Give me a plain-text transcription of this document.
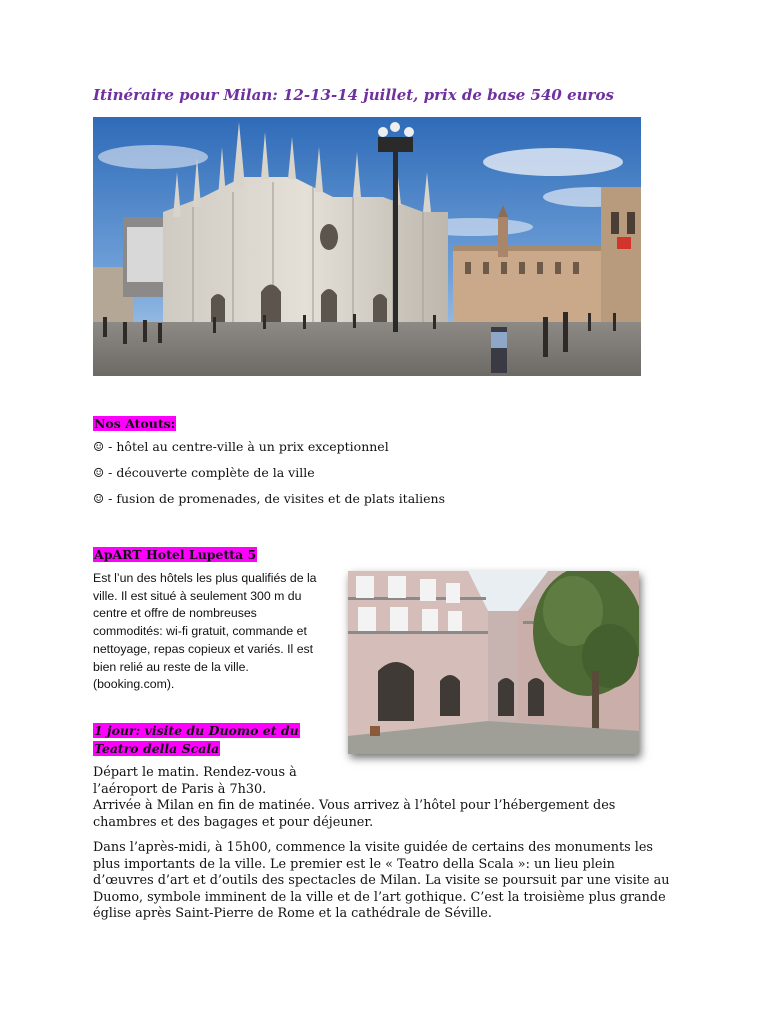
Itinéraire pour Milan: 12-13-14 juillet, prix de base 540 euros
Nos Atouts:
☺ - hôtel au centre-ville à un prix exceptionnel
☺ - découverte complète de la ville
☺ - fusion de promenades, de visites et de plats italiens
ApART Hotel Lupetta 5

Est l’un des hôtels les plus qualifiés de la ville. Il est situé à seulement 300 m du centre et offre de nombreuses commodités: wi-fi gratuit, commande et nettoyage, repas copieux et variés. Il est bien relié au reste de la ville. (booking.com).

1 jour: visite du Duomo et du
Teatro della Scala

Départ le matin. Rendez-vous à
l’aéroport de Paris à 7h30.
Arrivée à Milan en fin de matinée. Vous arrivez à l’hôtel pour l’hébergement des chambres et des bagages et pour déjeuner.

Dans l’après-midi, à 15h00, commence la visite guidée de certains des monuments les plus importants de la ville. Le premier est le « Teatro della Scala »: un lieu plein d’œuvres d’art et d’outils des spectacles de Milan. La visite se poursuit par une visite au Duomo, symbole imminent de la ville et de l’art gothique. C’est la troisième plus grande église après Saint-Pierre de Rome et la cathédrale de Séville.
